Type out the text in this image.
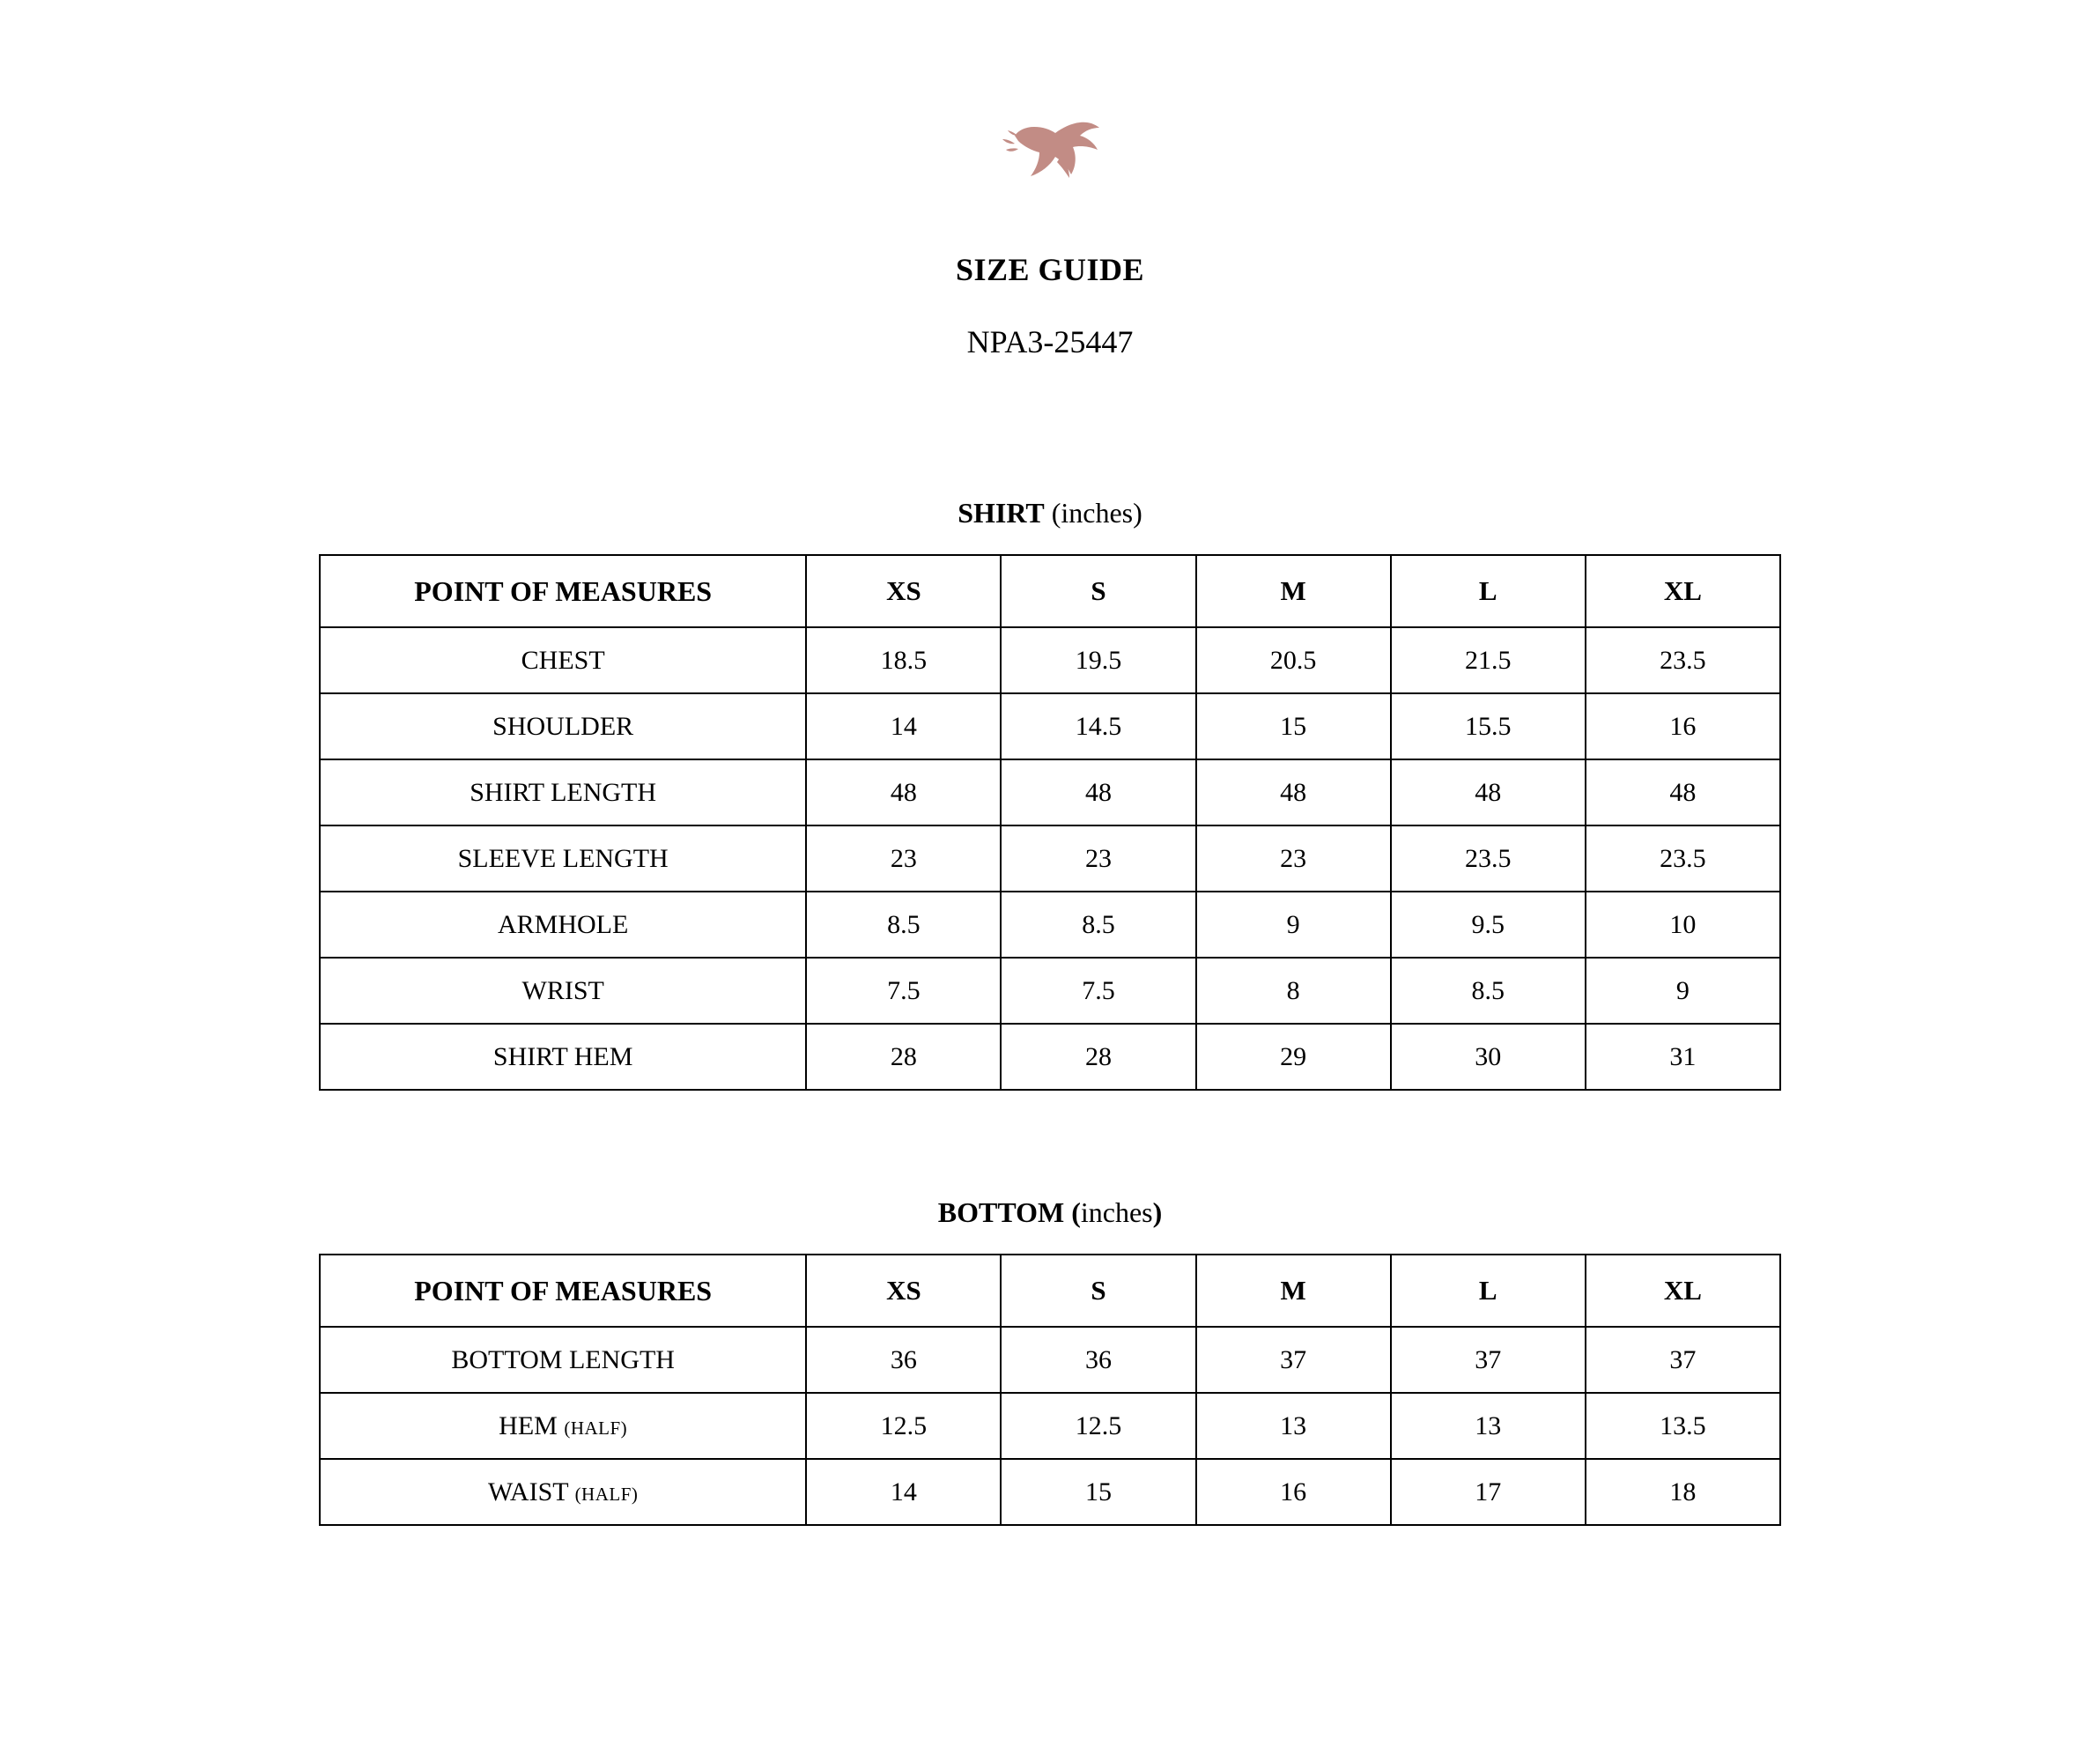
SIZE GUIDE
NPA3-25447
SHIRT (inches)
POINT OF MEASURES	XS	S	M	L	XL
CHEST	18.5	19.5	20.5	21.5	23.5
SHOULDER	14	14.5	15	15.5	16
SHIRT LENGTH	48	48	48	48	48
SLEEVE LENGTH	23	23	23	23.5	23.5
ARMHOLE	8.5	8.5	9	9.5	10
WRIST	7.5	7.5	8	8.5	9
SHIRT HEM	28	28	29	30	31
BOTTOM (inches)
POINT OF MEASURES	XS	S	M	L	XL
BOTTOM LENGTH	36	36	37	37	37
HEM (HALF)	12.5	12.5	13	13	13.5
WAIST (HALF)	14	15	16	17	18
